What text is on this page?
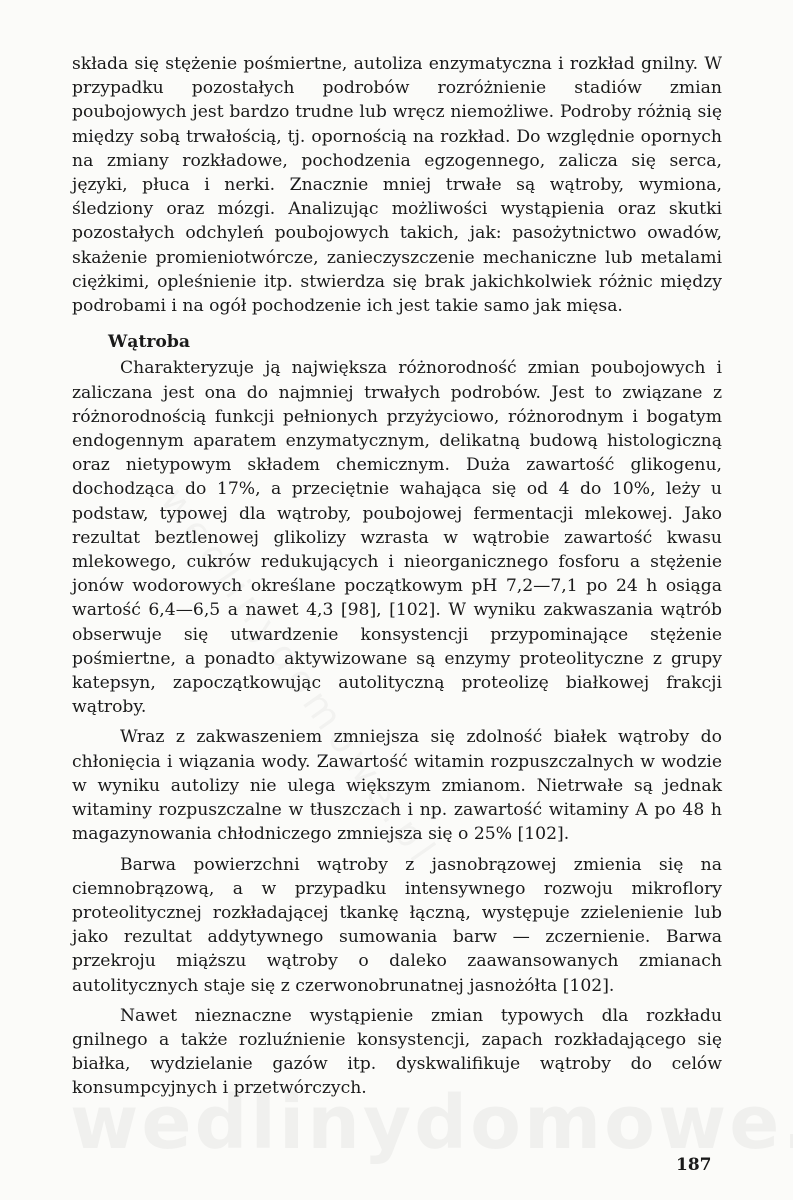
składa się stężenie pośmiertne, autoliza enzymatyczna i rozkład gnilny. W przypadku pozostałych podrobów rozróżnienie stadiów zmian poubojowych jest bardzo trudne lub wręcz niemożliwe. Podroby różnią się między sobą trwałością, tj. opornością na rozkład. Do względnie opornych na zmiany rozkładowe, pochodzenia egzogennego, zalicza się serca, języki, płuca i nerki. Znacznie mniej trwałe są wątroby, wymiona, śledziony oraz mózgi. Analizując możliwości wystąpienia oraz skutki pozostałych odchyleń poubojowych takich, jak: pasożytnictwo owadów, skażenie promieniotwórcze, zanieczyszczenie mechaniczne lub metalami ciężkimi, opleśnienie itp. stwierdza się brak jakichkolwiek różnic między podrobami i na ogół pochodzenie ich jest takie samo jak mięsa.

Wątroba

Charakteryzuje ją największa różnorodność zmian poubojowych i zaliczana jest ona do najmniej trwałych podrobów. Jest to związane z różnorodnością funkcji pełnionych przyżyciowo, różnorodnym i bogatym endogennym aparatem enzymatycznym, delikatną budową histologiczną oraz nietypowym składem chemicznym. Duża zawartość glikogenu, dochodząca do 17%, a przeciętnie wahająca się od 4 do 10%, leży u podstaw, typowej dla wątroby, poubojowej fermentacji mlekowej. Jako rezultat beztlenowej glikolizy wzrasta w wątrobie zawartość kwasu mlekowego, cukrów redukujących i nieorganicznego fosforu a stężenie jonów wodorowych określane początkowym pH 7,2—7,1 po 24 h osiąga wartość 6,4—6,5 a nawet 4,3 [98], [102]. W wyniku zakwaszania wątrób obserwuje się utwardzenie konsystencji przypominające stężenie pośmiertne, a ponadto aktywizowane są enzymy proteolityczne z grupy katepsyn, zapoczątkowując autolityczną proteolizę białkowej frakcji wątroby.

Wraz z zakwaszeniem zmniejsza się zdolność białek wątroby do chłonięcia i wiązania wody. Zawartość witamin rozpuszczalnych w wodzie w wyniku autolizy nie ulega większym zmianom. Nietrwałe są jednak witaminy rozpuszczalne w tłuszczach i np. zawartość witaminy A po 48 h magazynowania chłodniczego zmniejsza się o 25% [102].

Barwa powierzchni wątroby z jasnobrązowej zmienia się na ciemnobrązową, a w przypadku intensywnego rozwoju mikroflory proteolitycznej rozkładającej tkankę łączną, występuje zzielenienie lub jako rezultat addytywnego sumowania barw — zczernienie. Barwa przekroju miąższu wątroby o daleko zaawansowanych zmianach autolitycznych staje się z czerwonobrunatnej jasnożółta [102].

Nawet nieznaczne wystąpienie zmian typowych dla rozkładu gnilnego a także rozluźnienie konsystencji, zapach rozkładającego się białka, wydzielanie gazów itp. dyskwalifikuje wątroby do celów konsumpcyjnych i przetwórczych.

187
